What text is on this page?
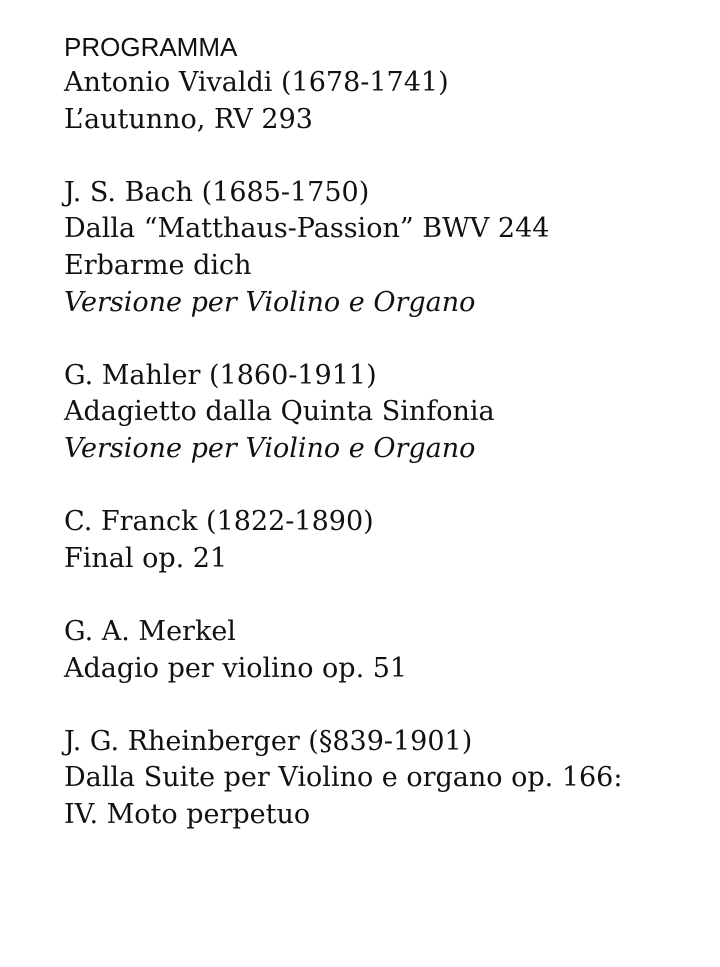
PROGRAMMA
Antonio Vivaldi (1678-1741)
L’autunno, RV 293
J. S. Bach (1685-1750)
Dalla “Matthaus-Passion” BWV 244
Erbarme dich
Versione per Violino e Organo
G. Mahler (1860-1911)
Adagietto dalla Quinta Sinfonia
Versione per Violino e Organo
C. Franck (1822-1890)
Final op. 21
G. A. Merkel
Adagio per violino op. 51
J. G. Rheinberger (§839-1901)
Dalla Suite per Violino e organo op. 166:
IV. Moto perpetuo
